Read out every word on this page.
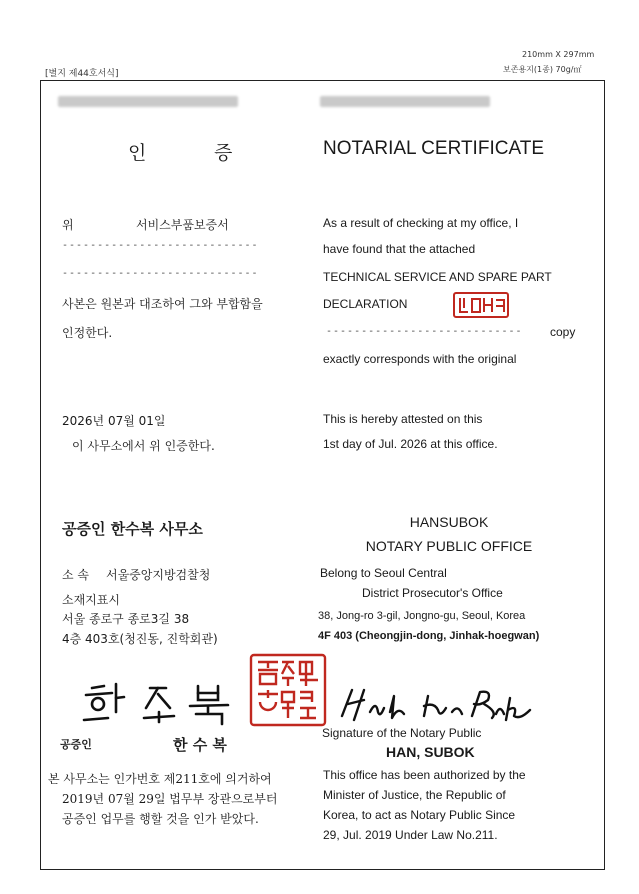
210mm X 297mm
[별지 제44호서식]	보존용지(1종) 70g/㎡
인	증
위	서비스부품보증서
----------------------------
----------------------------
사본은 원본과 대조하여 그와 부합함을
인정한다.
2026년 07월 01일
이 사무소에서 위 인증한다.
공증인 한수복 사무소
소 속 서울중앙지방검찰청
소재지표시
서울 종로구 종로3길 38
4층 403호(청진동, 진학회관)
공증인	한 수 복
본 사무소는 인가번호 제211호에 의거하여
2019년 07월 29일 법무부 장관으로부터
공증인 업무를 행할 것을 인가 받았다.
NOTARIAL CERTIFICATE
As a result of checking at my office, I
have found that the attached
TECHNICAL SERVICE AND SPARE PART
DECLARATION
---------------------------- copy
exactly corresponds with the original
This is hereby attested on this
1st day of Jul. 2026 at this office.
HANSUBOK
NOTARY PUBLIC OFFICE
Belong to Seoul Central
District Prosecutor's Office
38, Jong-ro 3-gil, Jongno-gu, Seoul, Korea
4F 403 (Cheongjin-dong, Jinhak-hoegwan)
Signature of the Notary Public
HAN, SUBOK
This office has been authorized by the
Minister of Justice, the Republic of
Korea, to act as Notary Public Since
29, Jul. 2019 Under Law No.211.
